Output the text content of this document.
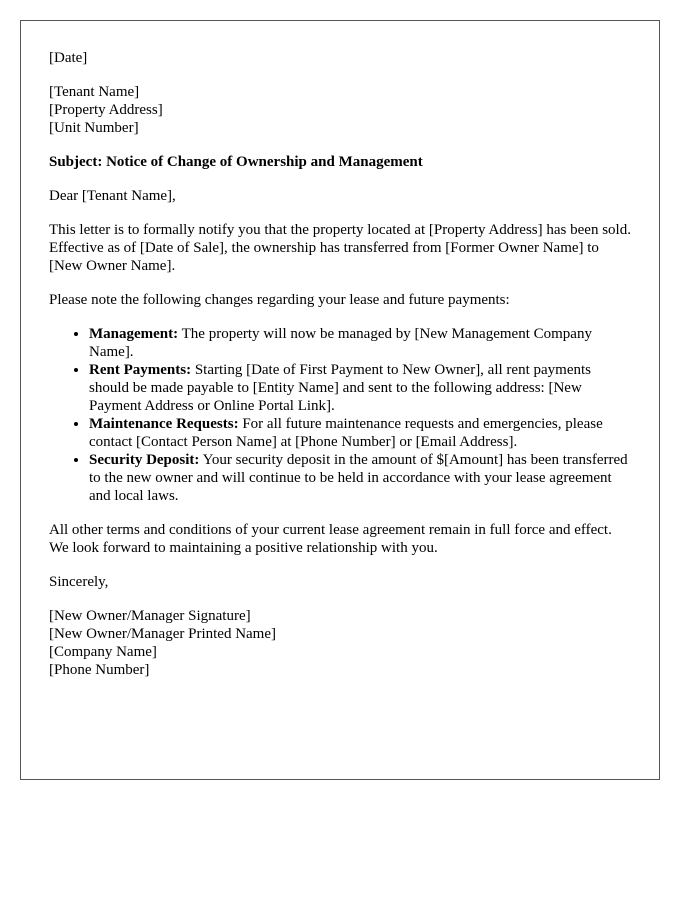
[Date]

[Tenant Name]
[Property Address]
[Unit Number]

Subject: Notice of Change of Ownership and Management

Dear [Tenant Name],

This letter is to formally notify you that the property located at [Property Address] has been sold. Effective as of [Date of Sale], the ownership has transferred from [Former Owner Name] to [New Owner Name].

Please note the following changes regarding your lease and future payments:

• Management: The property will now be managed by [New Management Company Name].
• Rent Payments: Starting [Date of First Payment to New Owner], all rent payments should be made payable to [Entity Name] and sent to the following address: [New Payment Address or Online Portal Link].
• Maintenance Requests: For all future maintenance requests and emergencies, please contact [Contact Person Name] at [Phone Number] or [Email Address].
• Security Deposit: Your security deposit in the amount of $[Amount] has been transferred to the new owner and will continue to be held in accordance with your lease agreement and local laws.

All other terms and conditions of your current lease agreement remain in full force and effect. We look forward to maintaining a positive relationship with you.

Sincerely,

[New Owner/Manager Signature]
[New Owner/Manager Printed Name]
[Company Name]
[Phone Number]
